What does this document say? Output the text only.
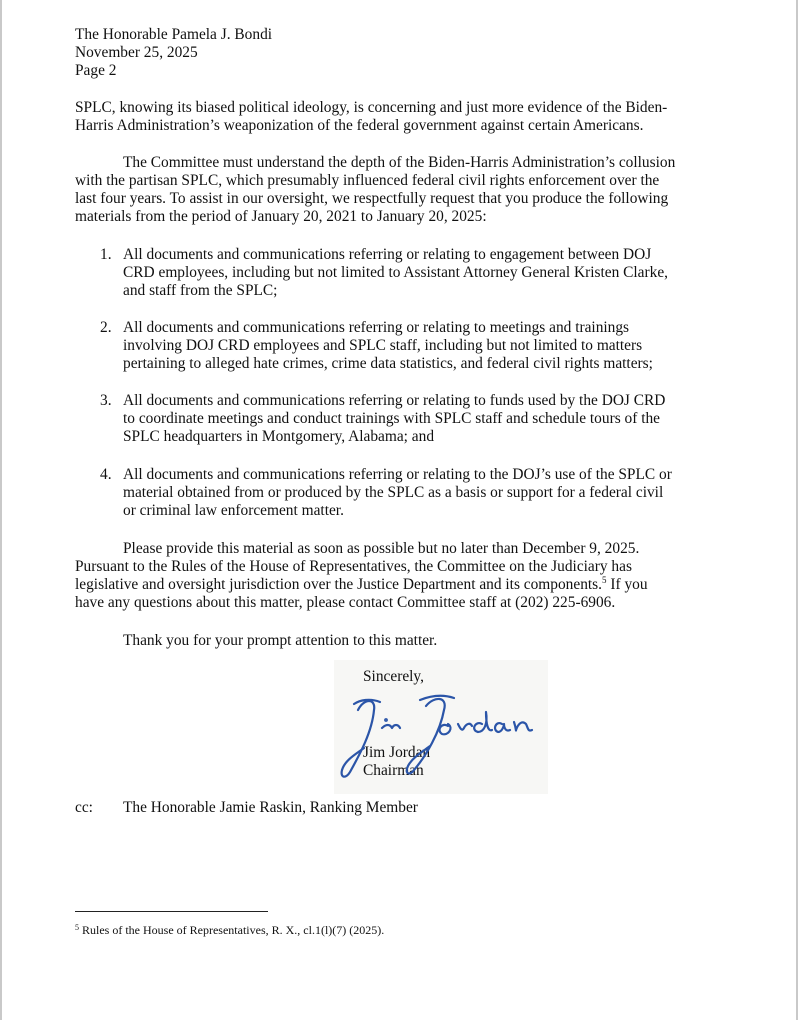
The Honorable Pamela J. Bondi
November 25, 2025
Page 2
SPLC, knowing its biased political ideology, is concerning and just more evidence of the Biden-
Harris Administration’s weaponization of the federal government against certain Americans.
The Committee must understand the depth of the Biden-Harris Administration’s collusion
with the partisan SPLC, which presumably influenced federal civil rights enforcement over the
last four years. To assist in our oversight, we respectfully request that you produce the following
materials from the period of January 20, 2021 to January 20, 2025:
1. All documents and communications referring or relating to engagement between DOJ
CRD employees, including but not limited to Assistant Attorney General Kristen Clarke,
and staff from the SPLC;
2. All documents and communications referring or relating to meetings and trainings
involving DOJ CRD employees and SPLC staff, including but not limited to matters
pertaining to alleged hate crimes, crime data statistics, and federal civil rights matters;
3. All documents and communications referring or relating to funds used by the DOJ CRD
to coordinate meetings and conduct trainings with SPLC staff and schedule tours of the
SPLC headquarters in Montgomery, Alabama; and
4. All documents and communications referring or relating to the DOJ’s use of the SPLC or
material obtained from or produced by the SPLC as a basis or support for a federal civil
or criminal law enforcement matter.
Please provide this material as soon as possible but no later than December 9, 2025.
Pursuant to the Rules of the House of Representatives, the Committee on the Judiciary has
legislative and oversight jurisdiction over the Justice Department and its components.$^5$ If you
have any questions about this matter, please contact Committee staff at (202) 225-6906.
Thank you for your prompt attention to this matter.
Sincerely,
Jim Jordan
Chairman
cc: The Honorable Jamie Raskin, Ranking Member
$^5$ Rules of the House of Representatives, R. X., cl.1(l)(7) (2025).
